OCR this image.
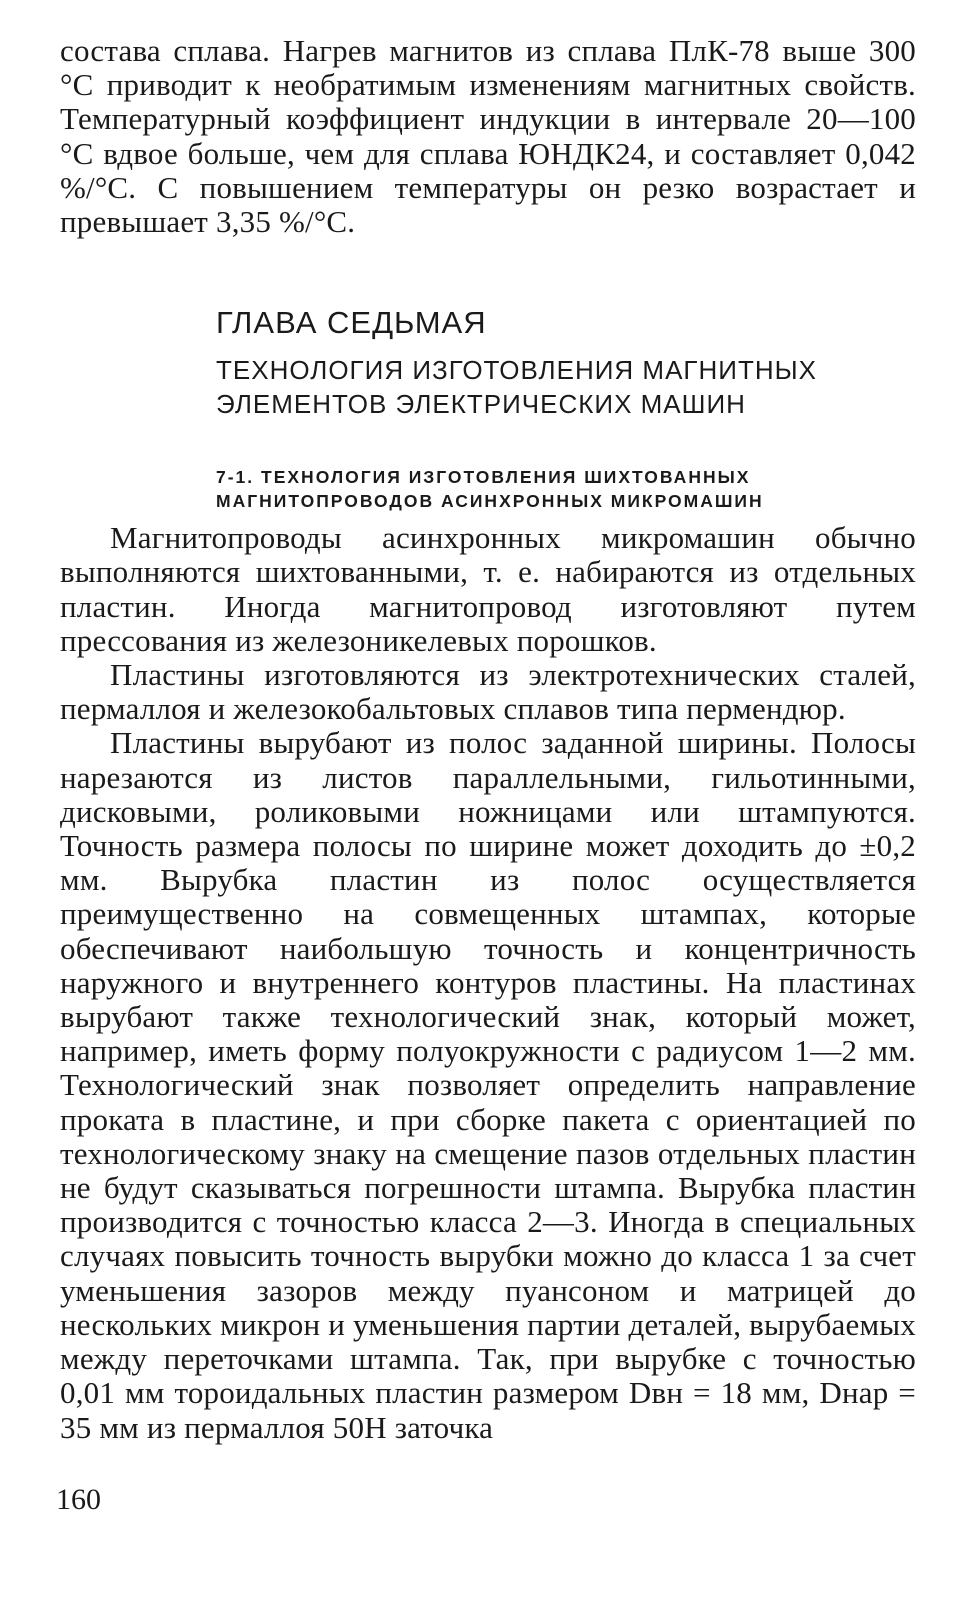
состава сплава. Нагрев магнитов из сплава ПлК-78 выше 300 °С приводит к необратимым изменениям магнитных свойств. Температурный коэффициент индукции в интервале 20—100 °С вдвое больше, чем для сплава ЮНДК24, и составляет 0,042 %/°С. С повышением температуры он резко возрастает и превышает 3,35 %/°С.

ГЛАВА СЕДЬМАЯ

ТЕХНОЛОГИЯ ИЗГОТОВЛЕНИЯ МАГНИТНЫХ
ЭЛЕМЕНТОВ ЭЛЕКТРИЧЕСКИХ МАШИН

7-1. ТЕХНОЛОГИЯ ИЗГОТОВЛЕНИЯ ШИХТОВАННЫХ
МАГНИТОПРОВОДОВ АСИНХРОННЫХ МИКРОМАШИН

Магнитопроводы асинхронных микромашин обычно выполняются шихтованными, т. е. набираются из отдельных пластин. Иногда магнитопровод изготовляют путем прессования из железоникелевых порошков.

Пластины изготовляются из электротехнических сталей, пермаллоя и железокобальтовых сплавов типа пермендюр.

Пластины вырубают из полос заданной ширины. Полосы нарезаются из листов параллельными, гильотинными, дисковыми, роликовыми ножницами или штампуются. Точность размера полосы по ширине может доходить до ±0,2 мм. Вырубка пластин из полос осуществляется преимущественно на совмещенных штампах, которые обеспечивают наибольшую точность и концентричность наружного и внутреннего контуров пластины. На пластинах вырубают также технологический знак, который может, например, иметь форму полуокружности с радиусом 1—2 мм. Технологический знак позволяет определить направление проката в пластине, и при сборке пакета с ориентацией по технологическому знаку на смещение пазов отдельных пластин не будут сказываться погрешности штампа. Вырубка пластин производится с точностью класса 2—3. Иногда в специальных случаях повысить точность вырубки можно до класса 1 за счет уменьшения зазоров между пуансоном и матрицей до нескольких микрон и уменьшения партии деталей, вырубаемых между переточками штампа. Так, при вырубке с точностью 0,01 мм тороидальных пластин размером Dвн = 18 мм, Dнар = 35 мм из пермаллоя 50Н заточка

160
